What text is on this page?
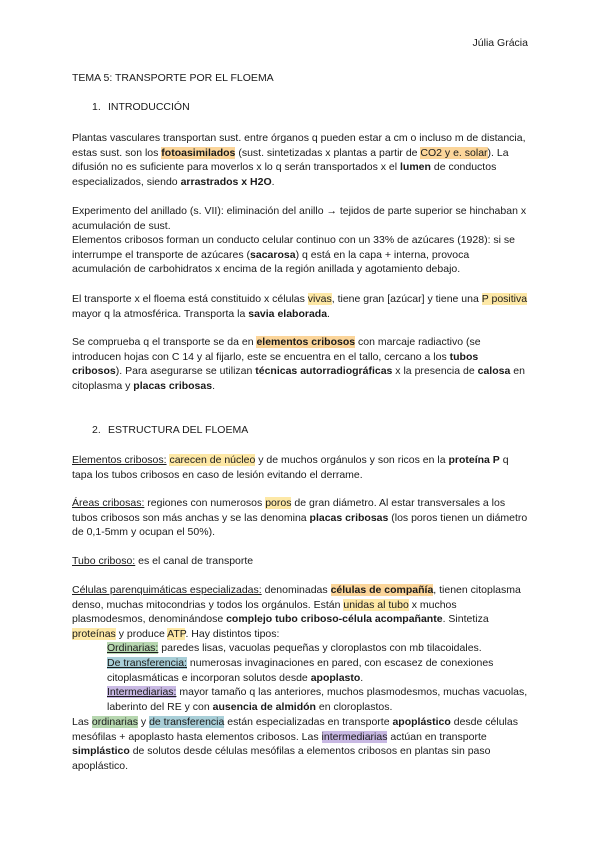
Júlia Grácia
TEMA 5: TRANSPORTE POR EL FLOEMA
1. INTRODUCCIÓN

Plantas vasculares transportan sust. entre órganos q pueden estar a cm o incluso m de distancia, estas sust. son los fotoasimilados (sust. sintetizadas x plantas a partir de CO2 y e. solar). La difusión no es suficiente para moverlos x lo q serán transportados x el lumen de conductos especializados, siendo arrastrados x H2O.

Experimento del anillado (s. VII): eliminación del anillo → tejidos de parte superior se hinchaban x acumulación de sust.
Elementos cribosos forman un conducto celular continuo con un 33% de azúcares (1928): si se interrumpe el transporte de azúcares (sacarosa) q está en la capa + interna, provoca acumulación de carbohidratos x encima de la región anillada y agotamiento debajo.

El transporte x el floema está constituido x células vivas, tiene gran [azúcar] y tiene una P positiva mayor q la atmosférica. Transporta la savia elaborada.

Se comprueba q el transporte se da en elementos cribosos con marcaje radiactivo (se introducen hojas con C 14 y al fijarlo, este se encuentra en el tallo, cercano a los tubos cribosos). Para asegurarse se utilizan técnicas autorradiográficas x la presencia de calosa en citoplasma y placas cribosas.

2. ESTRUCTURA DEL FLOEMA

Elementos cribosos: carecen de núcleo y de muchos orgánulos y son ricos en la proteína P q tapa los tubos cribosos en caso de lesión evitando el derrame.

Áreas cribosas: regiones con numerosos poros de gran diámetro. Al estar transversales a los tubos cribosos son más anchas y se las denomina placas cribosas (los poros tienen un diámetro de 0,1-5mm y ocupan el 50%).

Tubo criboso: es el canal de transporte

Células parenquimáticas especializadas: denominadas células de compañía, tienen citoplasma denso, muchas mitocondrias y todos los orgánulos. Están unidas al tubo x muchos plasmodesmos, denominándose complejo tubo criboso-célula acompañante. Sintetiza proteínas y produce ATP. Hay distintos tipos:

Ordinarias: paredes lisas, vacuolas pequeñas y cloroplastos con mb tilacoidales.

De transferencia: numerosas invaginaciones en pared, con escasez de conexiones citoplasmáticas e incorporan solutos desde apoplasto.

Intermediarias: mayor tamaño q las anteriores, muchos plasmodesmos, muchas vacuolas, laberinto del RE y con ausencia de almidón en cloroplastos.

Las ordinarias y de transferencia están especializadas en transporte apoplástico desde células mesófilas + apoplasto hasta elementos cribosos. Las intermediarias actúan en transporte simplástico de solutos desde células mesófilas a elementos cribosos en plantas sin paso apoplástico.
